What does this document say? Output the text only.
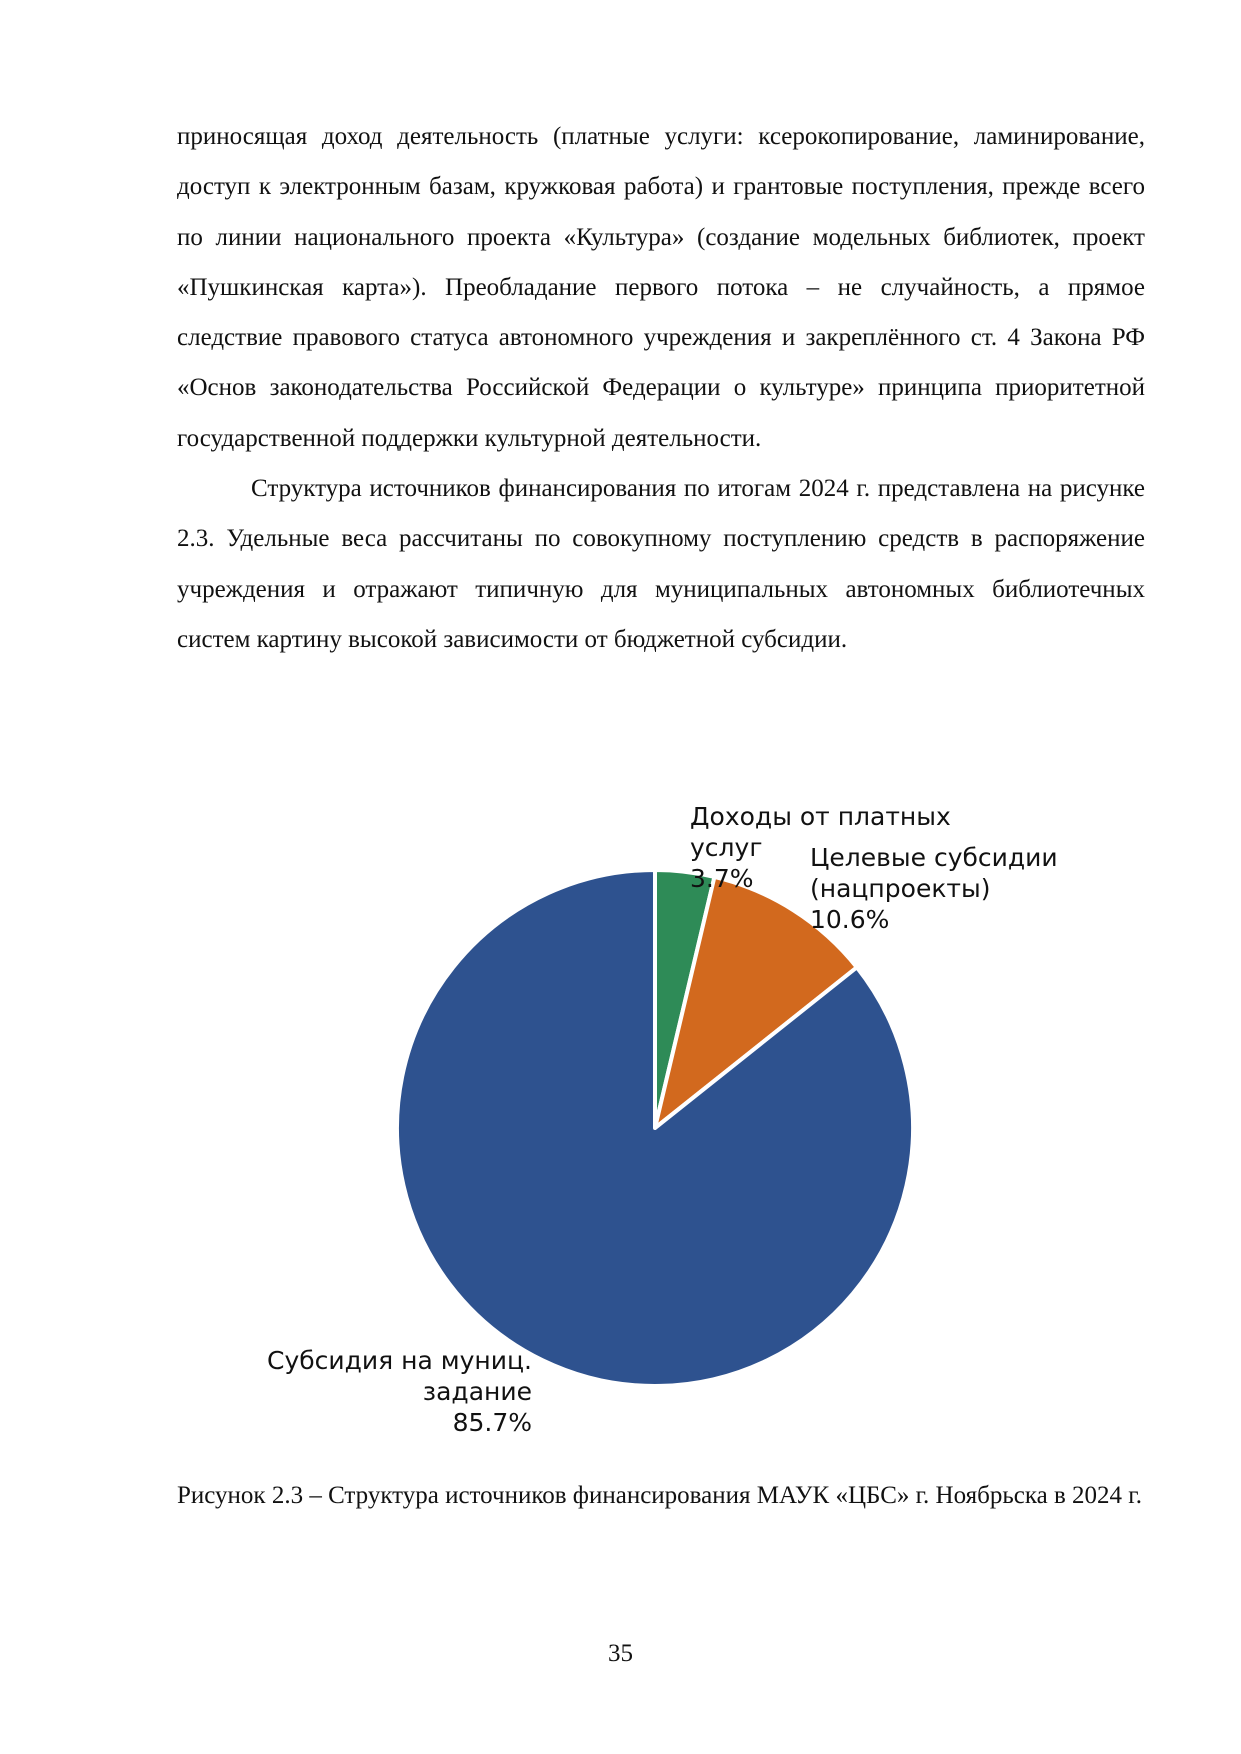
приносящая доход деятельность (платные услуги: ксерокопирование, ламинирование, доступ к электронным базам, кружковая работа) и грантовые поступления, прежде всего по линии национального проекта «Культура» (создание модельных библиотек, проект «Пушкинская карта»). Преобладание первого потока – не случайность, а прямое следствие правового статуса автономного учреждения и закреплённого ст. 4 Закона РФ «Основ законодательства Российской Федерации о культуре» принципа приоритетной государственной поддержки культурной деятельности.

Структура источников финансирования по итогам 2024 г. представлена на рисунке 2.3. Удельные веса рассчитаны по совокупному поступлению средств в распоряжение учреждения и отражают типичную для муниципальных автономных библиотечных систем картину высокой зависимости от бюджетной субсидии.

Доходы от платных услуг 3.7%
Целевые субсидии (нацпроекты) 10.6%
Субсидия на муниц. задание 85.7%

Рисунок 2.3 – Структура источников финансирования МАУК «ЦБС» г. Ноябрьска в 2024 г.

35
